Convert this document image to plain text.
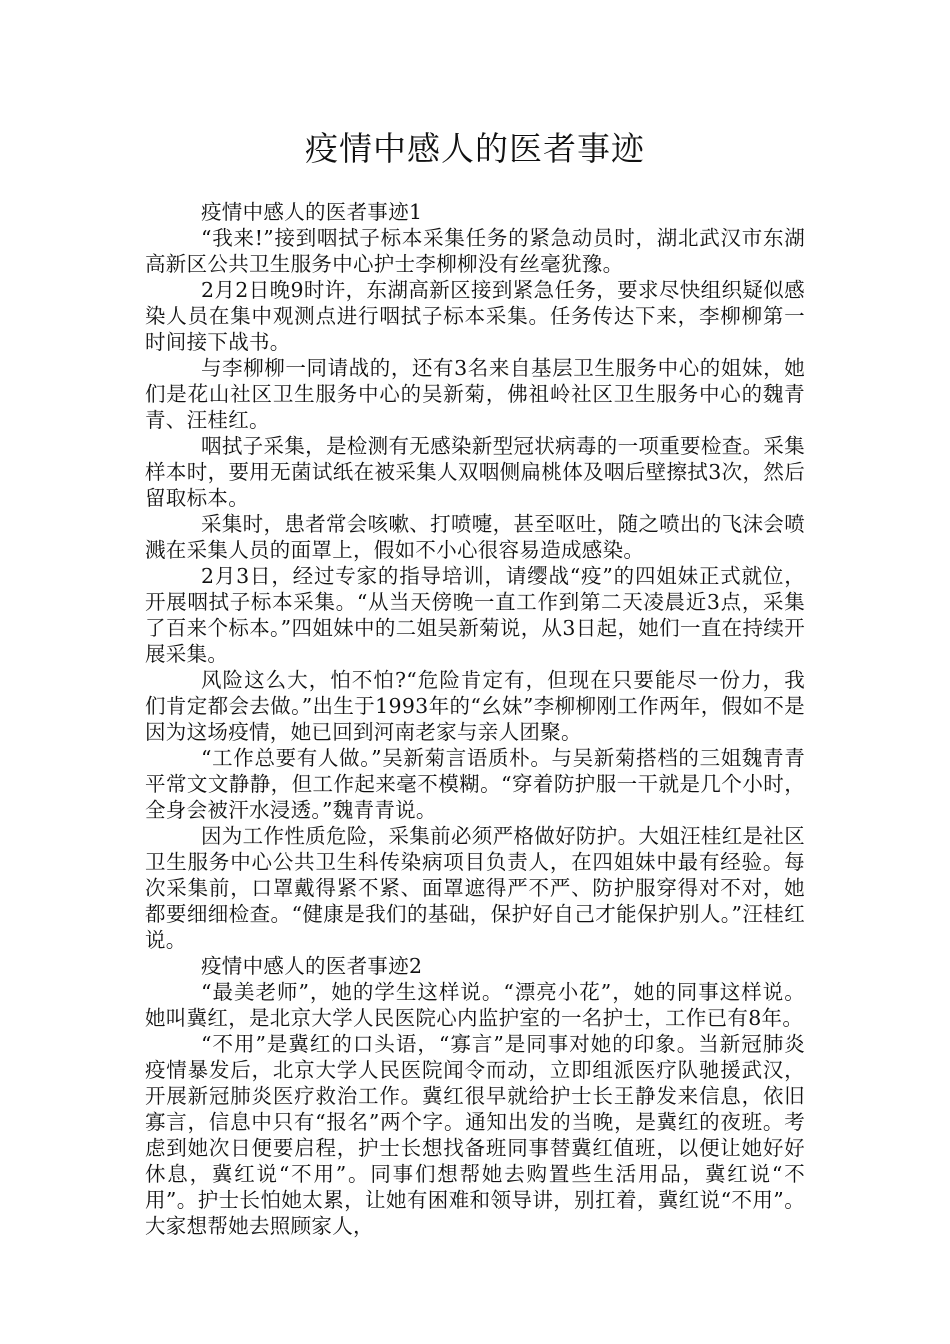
疫情中感人的医者事迹

疫情中感人的医者事迹1

“我来!”接到咽拭子标本采集任务的紧急动员时，湖北武汉市东湖高新区公共卫生服务中心护士李柳柳没有丝毫犹豫。

2月2日晚9时许，东湖高新区接到紧急任务，要求尽快组织疑似感染人员在集中观测点进行咽拭子标本采集。任务传达下来，李柳柳第一时间接下战书。

与李柳柳一同请战的，还有3名来自基层卫生服务中心的姐妹，她们是花山社区卫生服务中心的吴新菊，佛祖岭社区卫生服务中心的魏青青、汪桂红。

咽拭子采集，是检测有无感染新型冠状病毒的一项重要检查。采集样本时，要用无菌试纸在被采集人双咽侧扁桃体及咽后壁擦拭3次，然后留取标本。

采集时，患者常会咳嗽、打喷嚏，甚至呕吐，随之喷出的飞沫会喷溅在采集人员的面罩上，假如不小心很容易造成感染。

2月3日，经过专家的指导培训，请缨战“疫”的四姐妹正式就位，开展咽拭子标本采集。“从当天傍晚一直工作到第二天凌晨近3点，采集了百来个标本。”四姐妹中的二姐吴新菊说，从3日起，她们一直在持续开展采集。

风险这么大，怕不怕?“危险肯定有，但现在只要能尽一份力，我们肯定都会去做。”出生于1993年的“幺妹”李柳柳刚工作两年，假如不是因为这场疫情，她已回到河南老家与亲人团聚。

“工作总要有人做。”吴新菊言语质朴。与吴新菊搭档的三姐魏青青平常文文静静，但工作起来毫不模糊。“穿着防护服一干就是几个小时，全身会被汗水浸透。”魏青青说。

因为工作性质危险，采集前必须严格做好防护。大姐汪桂红是社区卫生服务中心公共卫生科传染病项目负责人，在四姐妹中最有经验。每次采集前，口罩戴得紧不紧、面罩遮得严不严、防护服穿得对不对，她都要细细检查。“健康是我们的基础，保护好自己才能保护别人。”汪桂红说。

疫情中感人的医者事迹2

“最美老师”，她的学生这样说。“漂亮小花”，她的同事这样说。她叫冀红，是北京大学人民医院心内监护室的一名护士，工作已有8年。

“不用”是冀红的口头语，“寡言”是同事对她的印象。当新冠肺炎疫情暴发后，北京大学人民医院闻令而动，立即组派医疗队驰援武汉，开展新冠肺炎医疗救治工作。冀红很早就给护士长王静发来信息，依旧寡言，信息中只有“报名”两个字。通知出发的当晚，是冀红的夜班。考虑到她次日便要启程，护士长想找备班同事替冀红值班，以便让她好好休息，冀红说“不用”。同事们想帮她去购置些生活用品，冀红说“不用”。护士长怕她太累，让她有困难和领导讲，别扛着，冀红说“不用”。大家想帮她去照顾家人，
